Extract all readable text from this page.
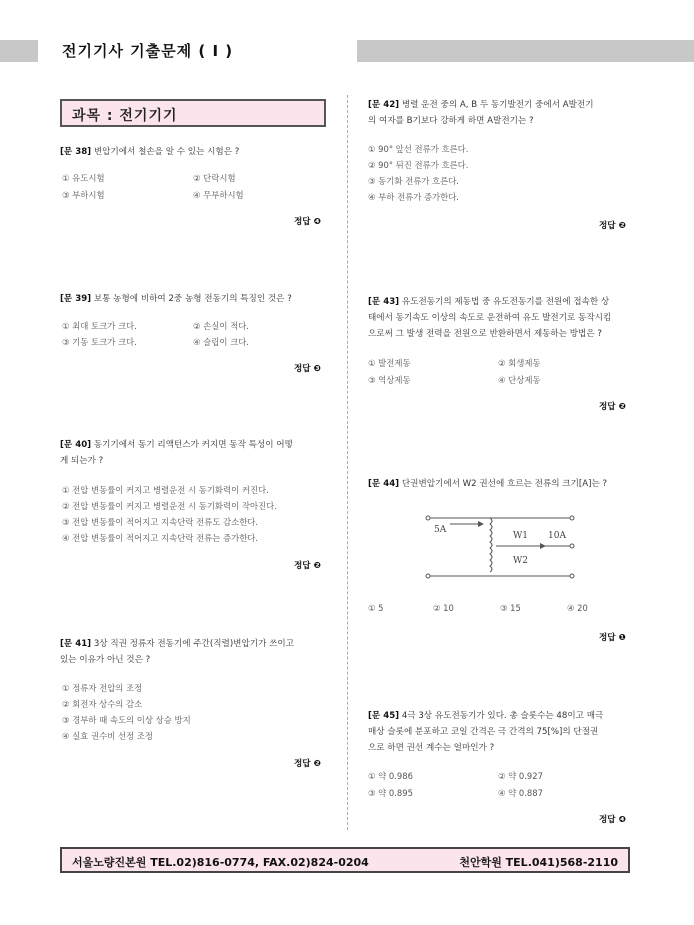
전기기사 기출문제 ( Ⅰ )
과목 : 전기기기
[문 38] 변압기에서 철손을 알 수 있는 시험은 ?
① 유도시험	② 단락시험
③ 부하시험	④ 무부하시험
정답 ❹
[문 39] 보통 농형에 비하여 2중 농형 전동기의 특징인 것은 ?
① 최대 토크가 크다.	② 손실이 적다.
③ 기동 토크가 크다.	④ 슬립이 크다.
정답 ❸
[문 40] 동기기에서 동기 리액턴스가 커지면 동작 특성이 어떻
게 되는가 ?
① 전압 변동률이 커지고 병렬운전 시 동기화력이 커진다.
② 전압 변동률이 커지고 병렬운전 시 동기화력이 작아진다.
③ 전압 변동률이 적어지고 지속단락 전류도 감소한다.
④ 전압 변동률이 적어지고 지속단락 전류는 증가한다.
정답 ❷
[문 41] 3상 직권 정류자 전동기에 주간(직렬)변압기가 쓰이고
있는 이유가 아닌 것은 ?
① 정류자 전압의 조정
② 회전자 상수의 감소
③ 경부하 때 속도의 이상 상승 방지
④ 실효 권수비 선정 조정
정답 ❷
[문 42] 병렬 운전 중의 A, B 두 동기발전기 중에서 A발전기
의 여자를 B기보다 강하게 하면 A발전기는 ?
① 90° 앞선 전류가 흐른다.
② 90° 뒤진 전류가 흐른다.
③ 동기화 전류가 흐른다.
④ 부하 전류가 증가한다.
정답 ❷
[문 43] 유도전동기의 제동법 중 유도전동기를 전원에 접속한 상
태에서 동기속도 이상의 속도로 운전하여 유도 발전기로 동작시킴
으로써 그 발생 전력을 전원으로 반환하면서 제동하는 방법은 ?
① 발전제동	② 회생제동
③ 역상제동	④ 단상제동
정답 ❷
[문 44] 단권변압기에서 W2 권선에 흐르는 전류의 크기[A]는 ?
5A
W1 10A
W2
① 5	② 10	③ 15	④ 20
정답 ❶
[문 45] 4극 3상 유도전동기가 있다. 총 슬롯수는 48이고 매극
매상 슬롯에 분포하고 코일 간격은 극 간격의 75[%]의 단절권
으로 하면 권선 계수는 얼마인가 ?
① 약 0.986	② 약 0.927
③ 약 0.895	④ 약 0.887
정답 ❹
서울노량진본원 TEL.02)816-0774, FAX.02)824-0204	천안학원 TEL.041)568-2110
